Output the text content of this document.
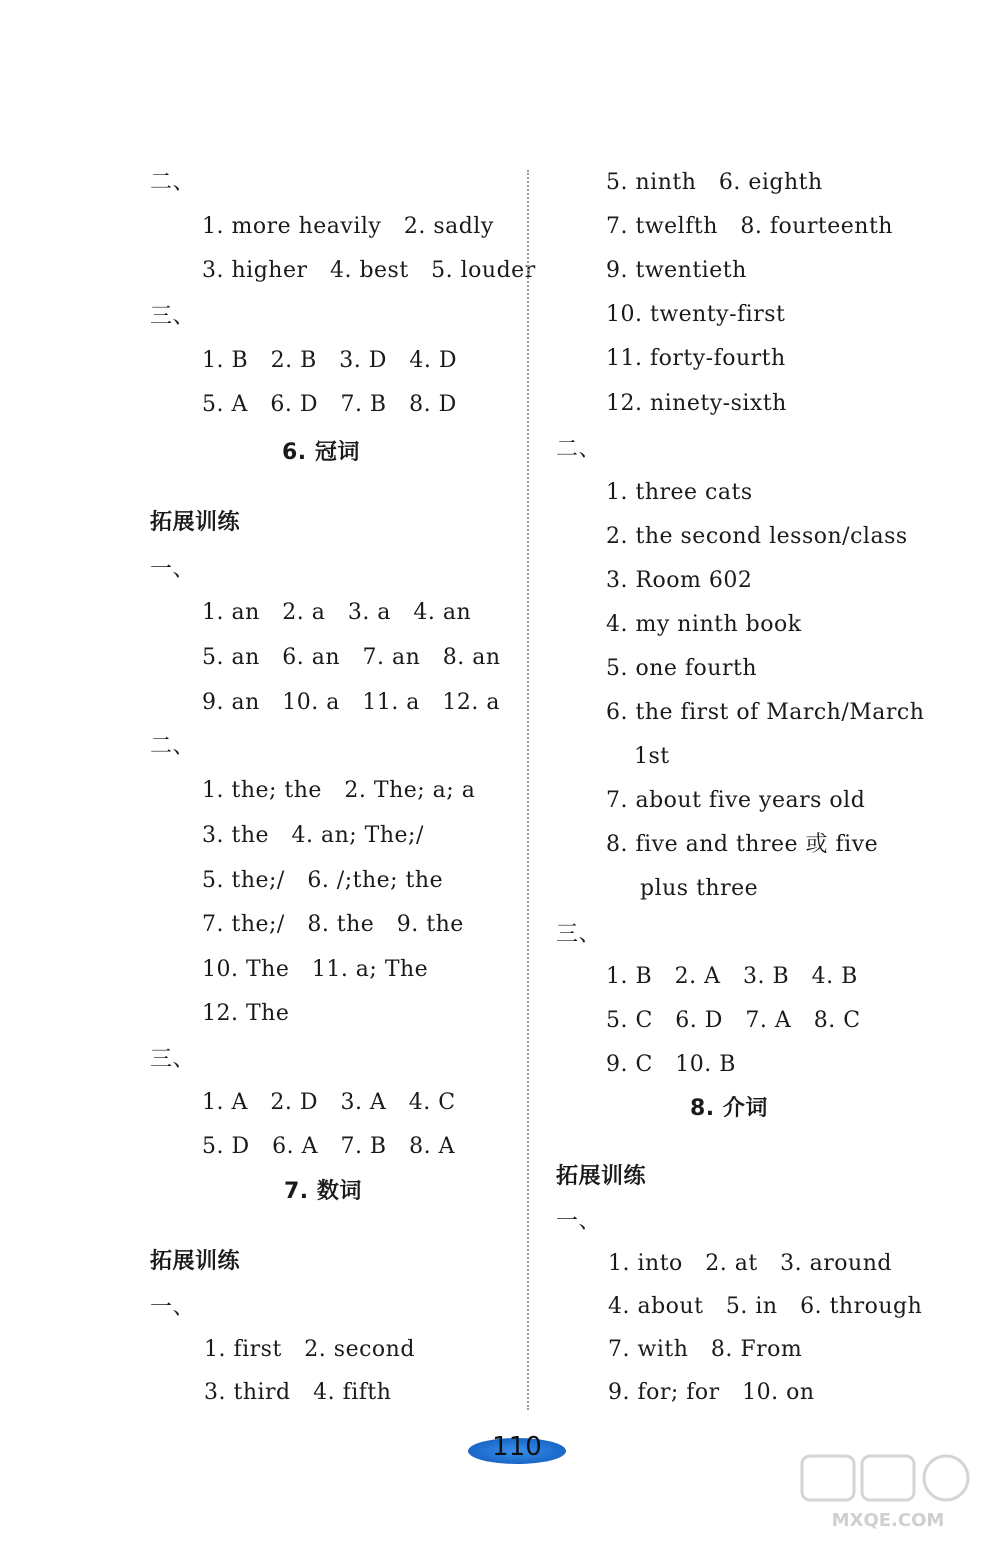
二、
1. more heavily   2. sadly
3. higher   4. best   5. louder
三、
1. B   2. B   3. D   4. D
5. A   6. D   7. B   8. D
6. 冠词
拓展训练
一、
1. an   2. a   3. a   4. an
5. an   6. an   7. an   8. an
9. an   10. a   11. a   12. a
二、
1. the; the   2. The; a; a
3. the   4. an; The;/
5. the;/   6. /;the; the
7. the;/   8. the   9. the
10. The   11. a; The
12. The
三、
1. A   2. D   3. A   4. C
5. D   6. A   7. B   8. A
7. 数词
拓展训练
一、
1. first   2. second
3. third   4. fifth
5. ninth   6. eighth
7. twelfth   8. fourteenth
9. twentieth
10. twenty-first
11. forty-fourth
12. ninety-sixth
二、
1. three cats
2. the second lesson/class
3. Room 602
4. my ninth book
5. one fourth
6. the first of March/March
1st
7. about five years old
8. five and three 或 five
plus three
三、
1. B   2. A   3. B   4. B
5. C   6. D   7. A   8. C
9. C   10. B
8. 介词
拓展训练
一、
1. into   2. at   3. around
4. about   5. in   6. through
7. with   8. From
9. for; for   10. on
110
MXQE.COM
